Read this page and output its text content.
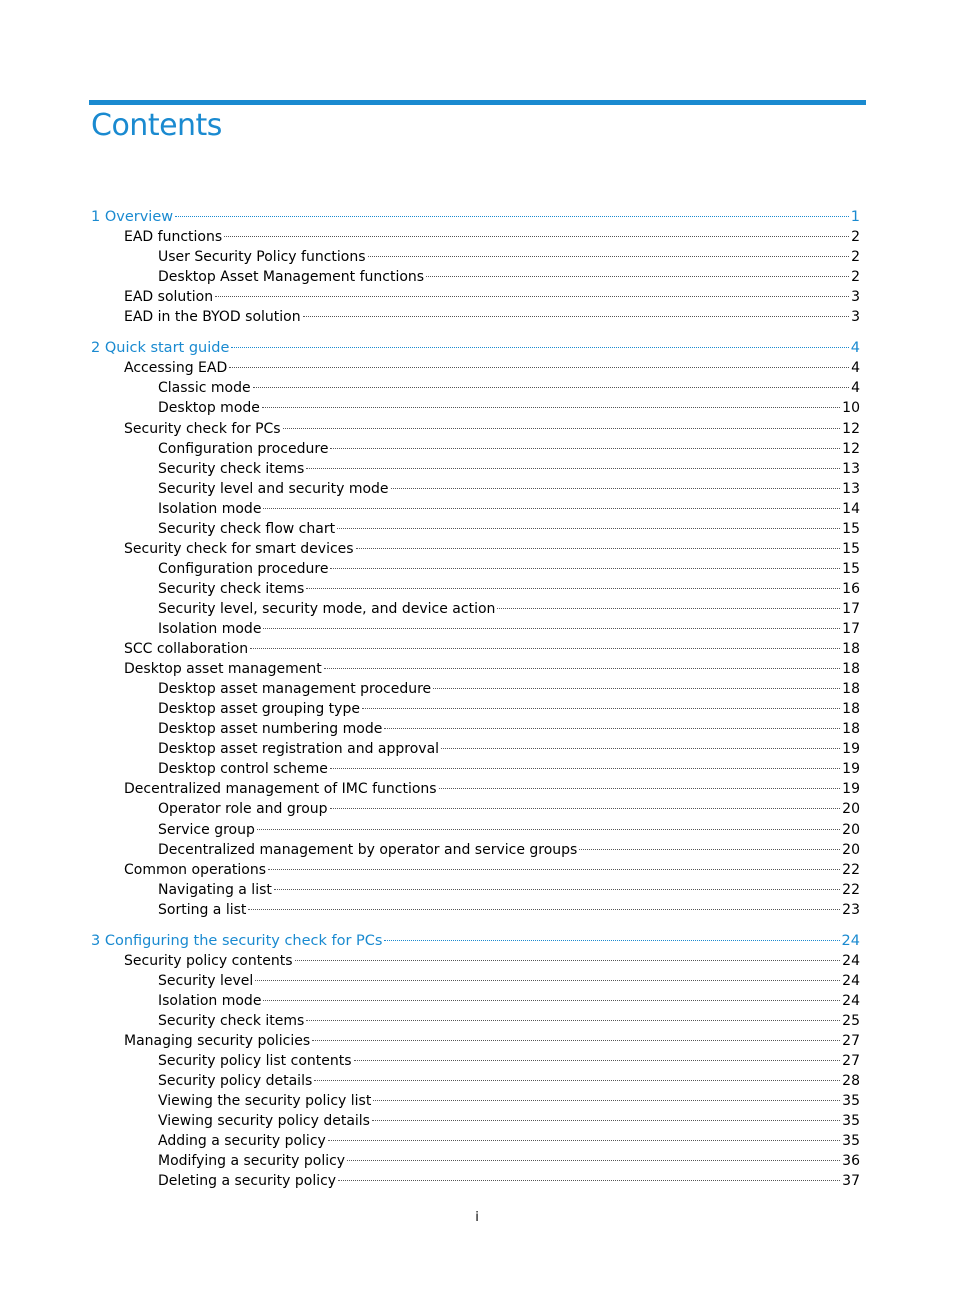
Contents
1 Overview	1
EAD functions	2
User Security Policy functions	2
Desktop Asset Management functions	2
EAD solution	3
EAD in the BYOD solution	3
2 Quick start guide	4
Accessing EAD	4
Classic mode	4
Desktop mode	10
Security check for PCs	12
Configuration procedure	12
Security check items	13
Security level and security mode	13
Isolation mode	14
Security check flow chart	15
Security check for smart devices	15
Configuration procedure	15
Security check items	16
Security level, security mode, and device action	17
Isolation mode	17
SCC collaboration	18
Desktop asset management	18
Desktop asset management procedure	18
Desktop asset grouping type	18
Desktop asset numbering mode	18
Desktop asset registration and approval	19
Desktop control scheme	19
Decentralized management of IMC functions	19
Operator role and group	20
Service group	20
Decentralized management by operator and service groups	20
Common operations	22
Navigating a list	22
Sorting a list	23
3 Configuring the security check for PCs	24
Security policy contents	24
Security level	24
Isolation mode	24
Security check items	25
Managing security policies	27
Security policy list contents	27
Security policy details	28
Viewing the security policy list	35
Viewing security policy details	35
Adding a security policy	35
Modifying a security policy	36
Deleting a security policy	37
i
